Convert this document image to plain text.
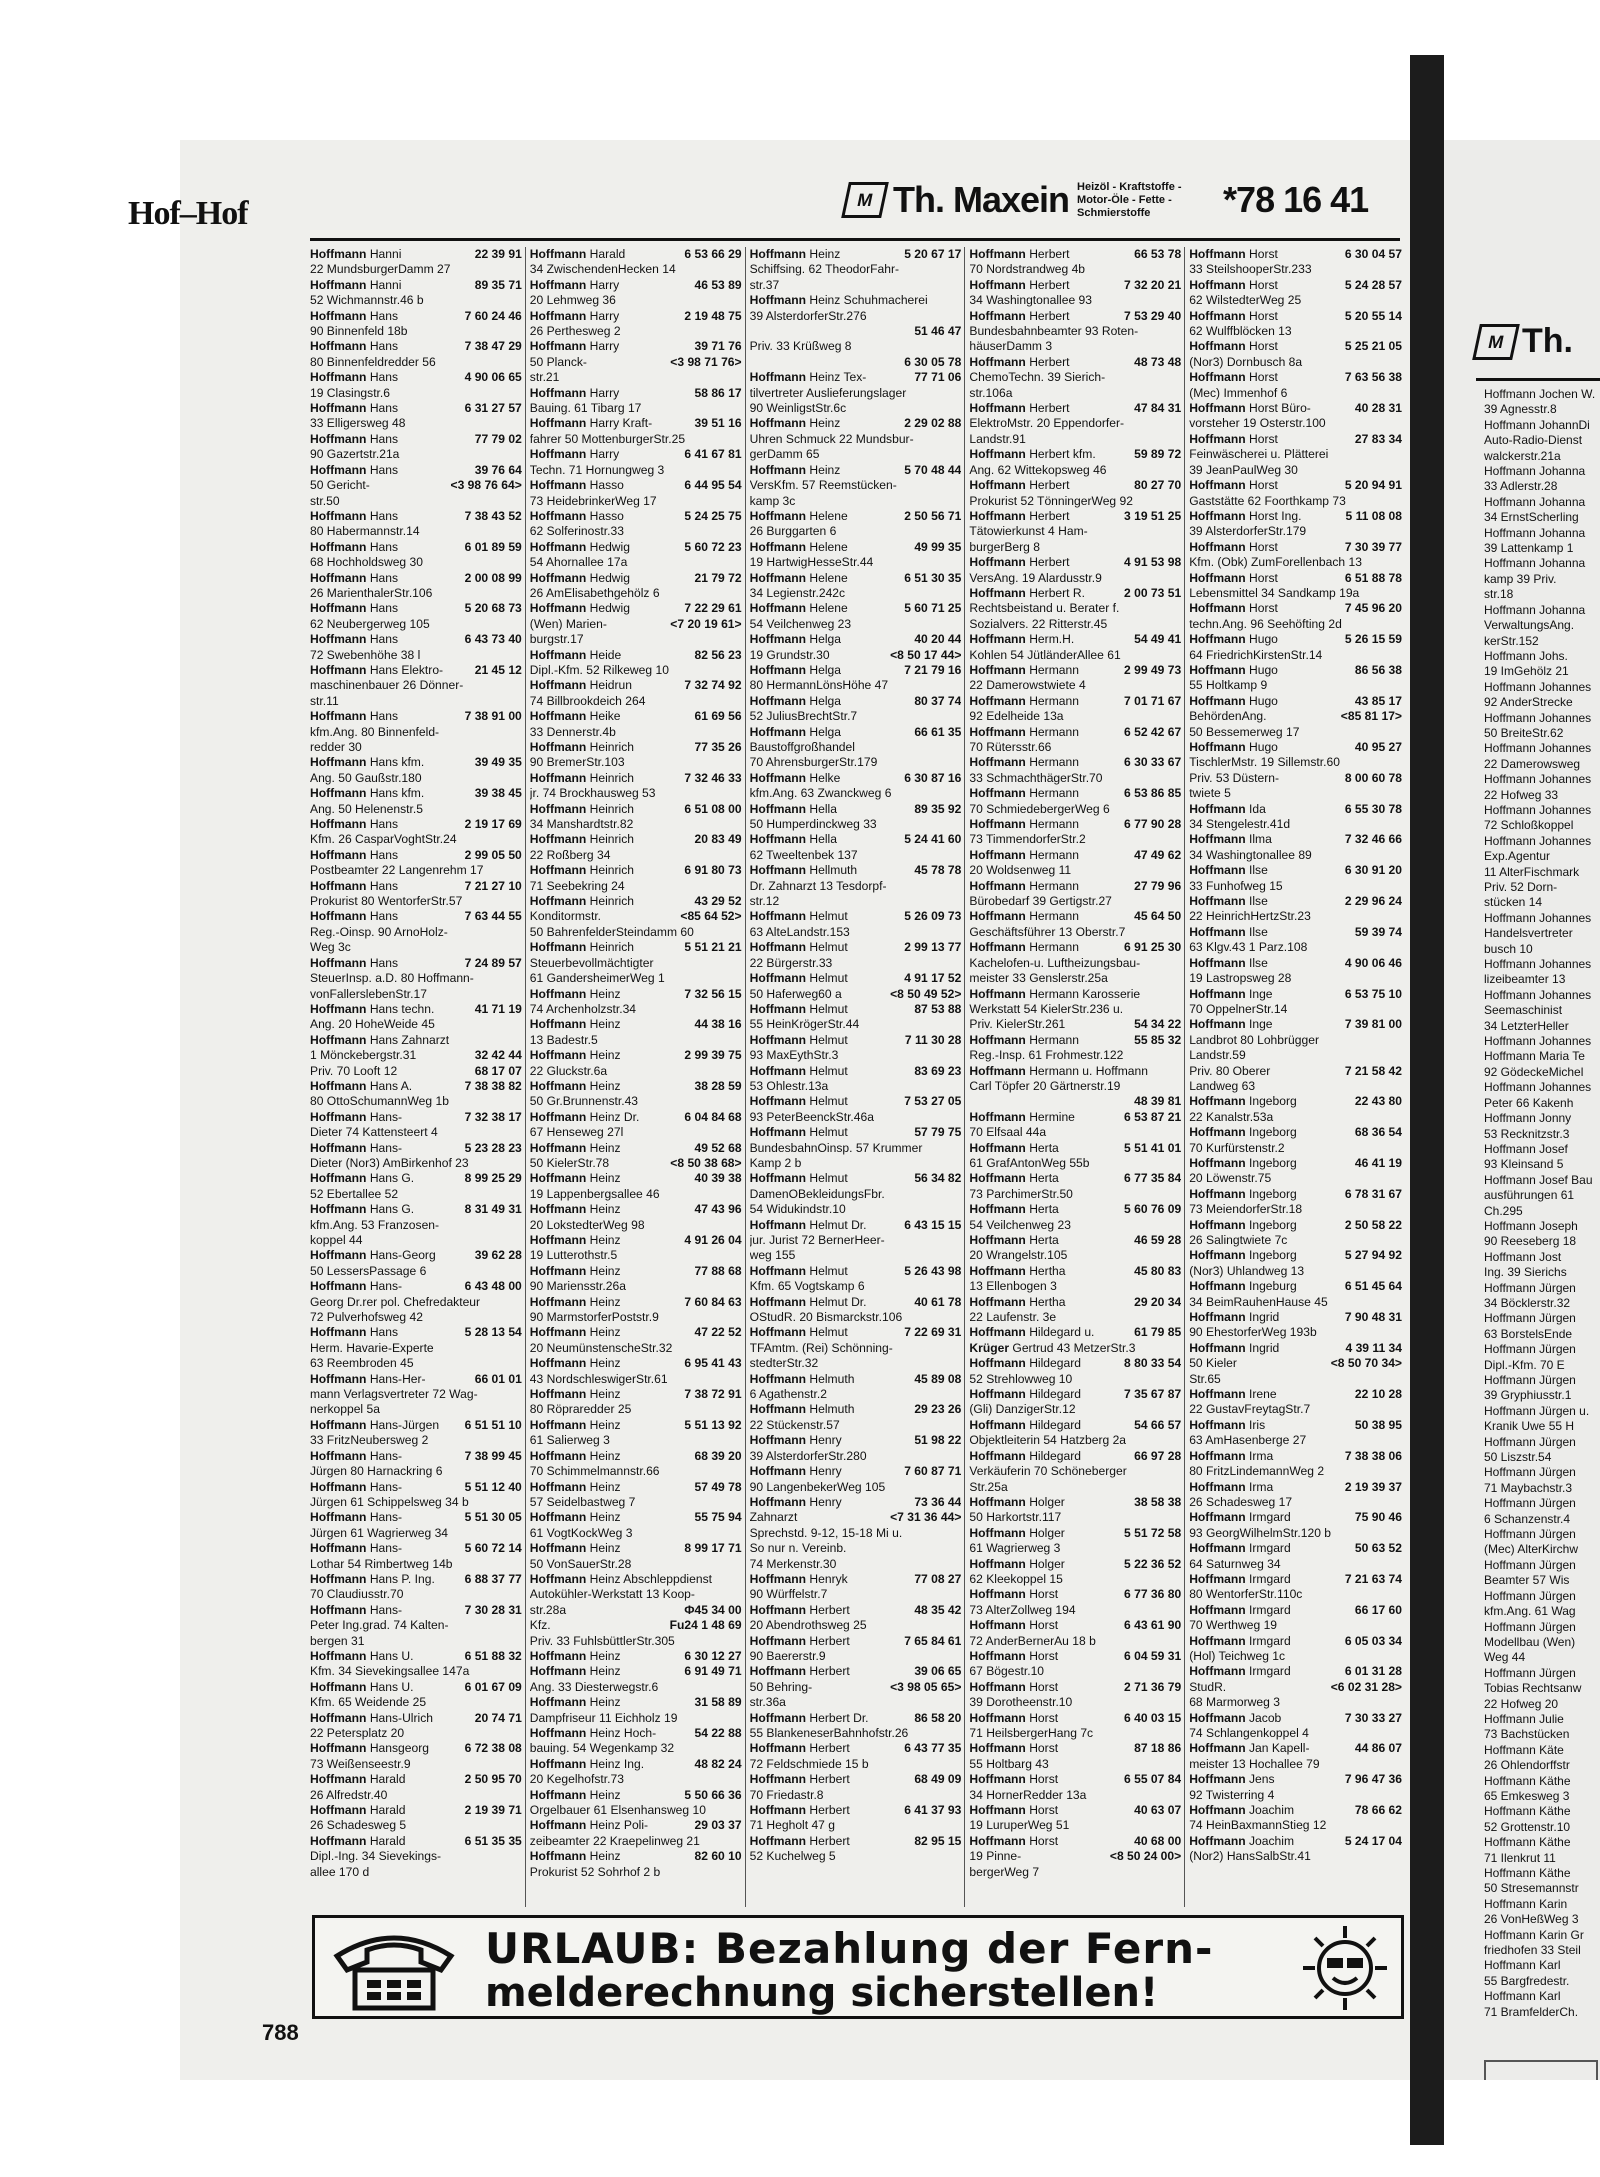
Hof–Hof	M Th. Maxein Heizöl - Kraftstoffe - Motor-Öle - Fette - Schmierstoffe	*78 16 41
22 39 91
Hoffmann Hanni
22 MundsburgerDamm 27
89 35 71
Hoffmann Hanni
52 Wichmannstr.46 b
7 60 24 46
Hoffmann Hans
90 Binnenfeld 18b
7 38 47 29
Hoffmann Hans
80 Binnenfeldredder 56
4 90 06 65
Hoffmann Hans
19 Clasingstr.6
6 31 27 57
Hoffmann Hans
33 Elligersweg 48
77 79 02
Hoffmann Hans
90 Gazertstr.21a
39 76 64
Hoffmann Hans
<3 98 76 64>
50 Gericht-
str.50
7 38 43 52
Hoffmann Hans
80 Habermannstr.14
6 01 89 59
Hoffmann Hans
68 Hochholdsweg 30
2 00 08 99
Hoffmann Hans
26 MarienthalerStr.106
5 20 68 73
Hoffmann Hans
62 Neubergerweg 105
6 43 73 40
Hoffmann Hans
72 Swebenhöhe 38 l
21 45 12
Hoffmann Hans Elektro-
maschinenbauer 26 Dönner-
str.11
7 38 91 00
Hoffmann Hans
kfm.Ang. 80 Binnenfeld-
redder 30
39 49 35
Hoffmann Hans kfm.
Ang. 50 Gaußstr.180
39 38 45
Hoffmann Hans kfm.
Ang. 50 Helenenstr.5
2 19 17 69
Hoffmann Hans
Kfm. 26 CasparVoghtStr.24
2 99 05 50
Hoffmann Hans
Postbeamter 22 Langenrehm 17
7 21 27 10
Hoffmann Hans
Prokurist 80 WentorferStr.57
7 63 44 55
Hoffmann Hans
Reg.-Oinsp. 90 ArnoHolz-
Weg 3c
7 24 89 57
Hoffmann Hans
SteuerInsp. a.D. 80 Hoffmann-
vonFallerslebenStr.17
41 71 19
Hoffmann Hans techn.
Ang. 20 HoheWeide 45
Hoffmann Hans Zahnarzt
32 42 44
1 Mönckebergstr.31
68 17 07
Priv. 70 Looft 12
7 38 38 82
Hoffmann Hans A.
80 OttoSchumannWeg 1b
7 32 38 17
Hoffmann Hans-
Dieter 74 Kattensteert 4
5 23 28 23
Hoffmann Hans-
Dieter (Nor3) AmBirkenhof 23
8 99 25 29
Hoffmann Hans G.
52 Ebertallee 52
8 31 49 31
Hoffmann Hans G.
kfm.Ang. 53 Franzosen-
koppel 44
39 62 28
Hoffmann Hans-Georg
50 LessersPassage 6
6 43 48 00
Hoffmann Hans-
Georg Dr.rer pol. Chefredakteur
72 Pulverhofsweg 42
5 28 13 54
Hoffmann Hans
Herm. Havarie-Experte
63 Reembroden 45
66 01 01
Hoffmann Hans-Her-
mann Verlagsvertreter 72 Wag-
nerkoppel 5a
6 51 51 10
Hoffmann Hans-Jürgen
33 FritzNeubersweg 2
7 38 99 45
Hoffmann Hans-
Jürgen 80 Harnackring 6
5 51 12 40
Hoffmann Hans-
Jürgen 61 Schippelsweg 34 b
5 51 30 05
Hoffmann Hans-
Jürgen 61 Wagrierweg 34
5 60 72 14
Hoffmann Hans-
Lothar 54 Rimbertweg 14b
6 88 37 77
Hoffmann Hans P. Ing.
70 Claudiusstr.70
7 30 28 31
Hoffmann Hans-
Peter Ing.grad. 74 Kalten-
bergen 31
6 51 88 32
Hoffmann Hans U.
Kfm. 34 Sievekingsallee 147a
6 01 67 09
Hoffmann Hans U.
Kfm. 65 Weidende 25
20 74 71
Hoffmann Hans-Ulrich
22 Petersplatz 20
6 72 38 08
Hoffmann Hansgeorg
73 Weißenseestr.9
2 50 95 70
Hoffmann Harald
26 Alfredstr.40
2 19 39 71
Hoffmann Harald
26 Schadesweg 5
6 51 35 35
Hoffmann Harald
Dipl.-Ing. 34 Sievekings-
allee 170 d
6 53 66 29
Hoffmann Harald
34 ZwischendenHecken 14
46 53 89
Hoffmann Harry
20 Lehmweg 36
2 19 48 75
Hoffmann Harry
26 Perthesweg 2
39 71 76
Hoffmann Harry
<3 98 71 76>
50 Planck-
str.21
58 86 17
Hoffmann Harry
Bauing. 61 Tibarg 17
39 51 16
Hoffmann Harry Kraft-
fahrer 50 MottenburgerStr.25
6 41 67 81
Hoffmann Harry
Techn. 71 Hornungweg 3
6 44 95 54
Hoffmann Hasso
73 HeidebrinkerWeg 17
5 24 25 75
Hoffmann Hasso
62 Solferinostr.33
5 60 72 23
Hoffmann Hedwig
54 Ahornallee 17a
21 79 72
Hoffmann Hedwig
26 AmElisabethgehölz 6
7 22 29 61
Hoffmann Hedwig
<7 20 19 61>
(Wen) Marien-
burgstr.17
82 56 23
Hoffmann Heide
Dipl.-Kfm. 52 Rilkeweg 10
7 32 74 92
Hoffmann Heidrun
74 Billbrookdeich 264
61 69 56
Hoffmann Heike
33 Dennerstr.4b
77 35 26
Hoffmann Heinrich
90 BremerStr.103
7 32 46 33
Hoffmann Heinrich
jr. 74 Brockhausweg 53
6 51 08 00
Hoffmann Heinrich
34 Manshardtstr.82
20 83 49
Hoffmann Heinrich
22 Roßberg 34
6 91 80 73
Hoffmann Heinrich
71 Seebekring 24
43 29 52
Hoffmann Heinrich
<85 64 52>
Konditormstr.
50 BahrenfelderSteindamm 60
5 51 21 21
Hoffmann Heinrich
Steuerbevollmächtigter
61 GandersheimerWeg 1
7 32 56 15
Hoffmann Heinz
74 Archenholzstr.34
44 38 16
Hoffmann Heinz
13 Badestr.5
2 99 39 75
Hoffmann Heinz
22 Gluckstr.6a
38 28 59
Hoffmann Heinz
50 Gr.Brunnenstr.43
6 04 84 68
Hoffmann Heinz Dr.
67 Henseweg 27l
49 52 68
Hoffmann Heinz
<8 50 38 68>
50 KielerStr.78
40 39 38
Hoffmann Heinz
19 Lappenbergsallee 46
47 43 96
Hoffmann Heinz
20 LokstedterWeg 98
4 91 26 04
Hoffmann Heinz
19 Lutterothstr.5
77 88 68
Hoffmann Heinz
90 Mariensstr.26a
7 60 84 63
Hoffmann Heinz
90 MarmstorferPoststr.9
47 22 52
Hoffmann Heinz
20 NeumünstenscheStr.32
6 95 41 43
Hoffmann Heinz
43 NordschleswigerStr.61
7 38 72 91
Hoffmann Heinz
80 Röpraredder 25
5 51 13 92
Hoffmann Heinz
61 Salierweg 3
68 39 20
Hoffmann Heinz
70 Schimmelmannstr.66
57 49 78
Hoffmann Heinz
57 Seidelbastweg 7
55 75 94
Hoffmann Heinz
61 VogtKockWeg 3
8 99 17 71
Hoffmann Heinz
50 VonSauerStr.28
Hoffmann Heinz Abschleppdienst
Autokühler-Werkstatt 13 Koop-
Ф45 34 00
str.28a
Fu24 1 48 69
Kfz.
Priv. 33 FuhlsbüttlerStr.305
6 30 12 27
Hoffmann Heinz
6 91 49 71
Hoffmann Heinz
Ang. 33 Diesterwegstr.6
31 58 89
Hoffmann Heinz
Dampfriseur 11 Eichholz 19
54 22 88
Hoffmann Heinz Hoch-
bauing. 54 Wegenkamp 32
48 82 24
Hoffmann Heinz Ing.
20 Kegelhofstr.73
5 50 66 36
Hoffmann Heinz
Orgelbauer 61 Elsenhansweg 10
29 03 37
Hoffmann Heinz Poli-
zeibeamter 22 Kraepelinweg 21
82 60 10
Hoffmann Heinz
Prokurist 52 Sohrhof 2 b
5 20 67 17
Hoffmann Heinz
Schiffsing. 62 TheodorFahr-
str.37
Hoffmann Heinz Schuhmacherei
39 AlsterdorferStr.276
51 46 47
Priv. 33 Krüßweg 8
6 30 05 78
77 71 06
Hoffmann Heinz Tex-
tilvertreter Auslieferungslager
90 WeinligstStr.6c
2 29 02 88
Hoffmann Heinz
Uhren Schmuck 22 Mundsbur-
gerDamm 65
5 70 48 44
Hoffmann Heinz
VersKfm. 57 Reemstücken-
kamp 3c
2 50 56 71
Hoffmann Helene
26 Burggarten 6
49 99 35
Hoffmann Helene
19 HartwigHesseStr.44
6 51 30 35
Hoffmann Helene
34 Legienstr.242c
5 60 71 25
Hoffmann Helene
54 Veilchenweg 23
40 20 44
Hoffmann Helga
<8 50 17 44>
19 Grundstr.30
7 21 79 16
Hoffmann Helga
80 HermannLönsHöhe 47
80 37 74
Hoffmann Helga
52 JuliusBrechtStr.7
66 61 35
Hoffmann Helga
Baustoffgroßhandel
70 AhrensburgerStr.179
6 30 87 16
Hoffmann Helke
kfm.Ang. 63 Zwanckweg 6
89 35 92
Hoffmann Hella
50 Humperdinckweg 33
5 24 41 60
Hoffmann Hella
62 Tweeltenbek 137
45 78 78
Hoffmann Hellmuth
Dr. Zahnarzt 13 Tesdorpf-
str.12
5 26 09 73
Hoffmann Helmut
63 AlteLandstr.153
2 99 13 77
Hoffmann Helmut
22 Bürgerstr.33
4 91 17 52
Hoffmann Helmut
<8 50 49 52>
50 Haferweg60 a
87 53 88
Hoffmann Helmut
55 HeinKrögerStr.44
7 11 30 28
Hoffmann Helmut
93 MaxEythStr.3
83 69 23
Hoffmann Helmut
53 Ohlestr.13a
7 53 27 05
Hoffmann Helmut
93 PeterBeenckStr.46a
57 79 75
Hoffmann Helmut
BundesbahnOinsp. 57 Krummer
Kamp 2 b
56 34 82
Hoffmann Helmut
DamenOBekleidungsFbr.
54 Widukindstr.10
6 43 15 15
Hoffmann Helmut Dr.
jur. Jurist 72 BernerHeer-
weg 155
5 26 43 98
Hoffmann Helmut
Kfm. 65 Vogtskamp 6
40 61 78
Hoffmann Helmut Dr.
OStudR. 20 Bismarckstr.106
7 22 69 31
Hoffmann Helmut
TFAmtm. (Rei) Schönning-
stedterStr.32
45 89 08
Hoffmann Helmuth
6 Agathenstr.2
29 23 26
Hoffmann Helmuth
22 Stückenstr.57
51 98 22
Hoffmann Henry
39 AlsterdorferStr.280
7 60 87 71
Hoffmann Henry
90 LangenbekerWeg 105
73 36 44
Hoffmann Henry
<7 31 36 44>
Zahnarzt
Sprechstd. 9-12, 15-18 Mi u.
So nur n. Vereinb.
74 Merkenstr.30
77 08 27
Hoffmann Henryk
90 Würffelstr.7
48 35 42
Hoffmann Herbert
20 Abendrothsweg 25
7 65 84 61
Hoffmann Herbert
90 Baererstr.9
39 06 65
Hoffmann Herbert
<3 98 05 65>
50 Behring-
str.36a
86 58 20
Hoffmann Herbert Dr.
55 BlankeneserBahnhofstr.26
6 43 77 35
Hoffmann Herbert
72 Feldschmiede 15 b
68 49 09
Hoffmann Herbert
70 Friedastr.8
6 41 37 93
Hoffmann Herbert
71 Hegholt 47 g
82 95 15
Hoffmann Herbert
52 Kuchelweg 5
66 53 78
Hoffmann Herbert
70 Nordstrandweg 4b
7 32 20 21
Hoffmann Herbert
34 Washingtonallee 93
7 53 29 40
Hoffmann Herbert
Bundesbahnbeamter 93 Roten-
häuserDamm 3
48 73 48
Hoffmann Herbert
ChemoTechn. 39 Sierich-
str.106a
47 84 31
Hoffmann Herbert
ElektroMstr. 20 Eppendorfer-
Landstr.91
59 89 72
Hoffmann Herbert kfm.
Ang. 62 Wittekopsweg 46
80 27 70
Hoffmann Herbert
Prokurist 52 TönningerWeg 92
3 19 51 25
Hoffmann Herbert
Tätowierkunst 4 Ham-
burgerBerg 8
4 91 53 98
Hoffmann Herbert
VersAng. 19 Alardusstr.9
2 00 73 51
Hoffmann Herbert R.
Rechtsbeistand u. Berater f.
Sozialvers. 22 Ritterstr.45
54 49 41
Hoffmann Herm.H.
Kohlen 54 JütländerAllee 61
2 99 49 73
Hoffmann Hermann
22 Damerowstwiete 4
7 01 71 67
Hoffmann Hermann
92 Edelheide 13a
6 52 42 67
Hoffmann Hermann
70 Rütersstr.66
6 30 33 67
Hoffmann Hermann
33 SchmachthägerStr.70
6 53 86 85
Hoffmann Hermann
70 SchmiedebergerWeg 6
6 77 90 28
Hoffmann Hermann
73 TimmendorferStr.2
47 49 62
Hoffmann Hermann
20 Woldsenweg 11
27 79 96
Hoffmann Hermann
Bürobedarf 39 Gertigstr.27
45 64 50
Hoffmann Hermann
Geschäftsführer 13 Oberstr.7
6 91 25 30
Hoffmann Hermann
Kachelofen-u. Luftheizungsbau-
meister 33 Genslerstr.25a
Hoffmann Hermann Karosserie
Werkstatt 54 KielerStr.236 u.
54 34 22
Priv. KielerStr.261
55 85 32
Hoffmann Hermann
Reg.-Insp. 61 Frohmestr.122
Hoffmann Hermann u. Hoffmann
Carl Töpfer 20 Gärtnerstr.19
48 39 81
6 53 87 21
Hoffmann Hermine
70 Elfsaal 44a
5 51 41 01
Hoffmann Herta
61 GrafAntonWeg 55b
6 77 35 84
Hoffmann Herta
73 ParchimerStr.50
5 60 76 09
Hoffmann Herta
54 Veilchenweg 23
46 59 28
Hoffmann Herta
20 Wrangelstr.105
45 80 83
Hoffmann Hertha
13 Ellenbogen 3
29 20 34
Hoffmann Hertha
22 Laufenstr. 3e
61 79 85
Hoffmann Hildegard u.
Krüger Gertrud 43 MetzerStr.3
8 80 33 54
Hoffmann Hildegard
52 Strehlowweg 10
7 35 67 87
Hoffmann Hildegard
(Gli) DanzigerStr.12
54 66 57
Hoffmann Hildegard
Objektleiterin 54 Hatzberg 2a
66 97 28
Hoffmann Hildegard
Verkäuferin 70 Schöneberger
Str.25a
38 58 38
Hoffmann Holger
50 Harkortstr.117
5 51 72 58
Hoffmann Holger
61 Wagrierweg 3
5 22 36 52
Hoffmann Holger
62 Kleekoppel 15
6 77 36 80
Hoffmann Horst
73 AlterZollweg 194
6 43 61 90
Hoffmann Horst
72 AnderBernerAu 18 b
6 04 59 31
Hoffmann Horst
67 Bögestr.10
2 71 36 79
Hoffmann Horst
39 Dorotheenstr.10
6 40 03 15
Hoffmann Horst
71 HeilsbergerHang 7c
87 18 86
Hoffmann Horst
55 Holtbarg 43
6 55 07 84
Hoffmann Horst
34 HornerRedder 13a
40 63 07
Hoffmann Horst
19 LuruperWeg 51
40 68 00
Hoffmann Horst
<8 50 24 00>
19 Pinne-
bergerWeg 7
6 30 04 57
Hoffmann Horst
33 SteilshooperStr.233
5 24 28 57
Hoffmann Horst
62 WilstedterWeg 25
5 20 55 14
Hoffmann Horst
62 Wulffblöcken 13
5 25 21 05
Hoffmann Horst
(Nor3) Dornbusch 8a
7 63 56 38
Hoffmann Horst
(Mec) Immenhof 6
40 28 31
Hoffmann Horst Büro-
vorsteher 19 Osterstr.100
27 83 34
Hoffmann Horst
Feinwäscherei u. Plätterei
39 JeanPaulWeg 30
5 20 94 91
Hoffmann Horst
Gaststätte 62 Foorthkamp 73
5 11 08 08
Hoffmann Horst Ing.
39 AlsterdorferStr.179
7 30 39 77
Hoffmann Horst
Kfm. (Obk) ZumForellenbach 13
6 51 88 78
Hoffmann Horst
Lebensmittel 34 Sandkamp 19a
7 45 96 20
Hoffmann Horst
techn.Ang. 96 Seehöfting 2d
5 26 15 59
Hoffmann Hugo
64 FriedrichKirstenStr.14
86 56 38
Hoffmann Hugo
55 Holtkamp 9
43 85 17
Hoffmann Hugo
<85 81 17>
BehördenAng.
50 Bessemerweg 17
40 95 27
Hoffmann Hugo
TischlerMstr. 19 Sillemstr.60
8 00 60 78
Priv. 53 Düstern-
twiete 5
6 55 30 78
Hoffmann Ida
34 Stengelestr.41d
7 32 46 66
Hoffmann Ilma
34 Washingtonallee 89
6 30 91 20
Hoffmann Ilse
33 Funhofweg 15
2 29 96 24
Hoffmann Ilse
22 HeinrichHertzStr.23
59 39 74
Hoffmann Ilse
63 Klgv.43 1 Parz.108
4 90 06 46
Hoffmann Ilse
19 Lastropsweg 28
6 53 75 10
Hoffmann Inge
70 OppelnerStr.14
7 39 81 00
Hoffmann Inge
Landbrot 80 Lohbrügger
Landstr.59
7 21 58 42
Priv. 80 Oberer
Landweg 63
22 43 80
Hoffmann Ingeborg
22 Kanalstr.53a
68 36 54
Hoffmann Ingeborg
70 Kurfürstenstr.2
46 41 19
Hoffmann Ingeborg
20 Löwenstr.75
6 78 31 67
Hoffmann Ingeborg
73 MeiendorferStr.18
2 50 58 22
Hoffmann Ingeborg
26 Salingtwiete 7c
5 27 94 92
Hoffmann Ingeborg
(Nor3) Uhlandweg 13
6 51 45 64
Hoffmann Ingeburg
34 BeimRauhenHause 45
7 90 48 31
Hoffmann Ingrid
90 EhestorferWeg 193b
4 39 11 34
Hoffmann Ingrid
<8 50 70 34>
50 Kieler
Str.65
22 10 28
Hoffmann Irene
22 GustavFreytagStr.7
50 38 95
Hoffmann Iris
63 AmHasenberge 27
7 38 38 06
Hoffmann Irma
80 FritzLindemannWeg 2
2 19 39 37
Hoffmann Irma
26 Schadesweg 17
75 90 46
Hoffmann Irmgard
93 GeorgWilhelmStr.120 b
50 63 52
Hoffmann Irmgard
64 Saturnweg 34
7 21 63 74
Hoffmann Irmgard
80 WentorferStr.110c
66 17 60
Hoffmann Irmgard
70 Werthweg 19
6 05 03 34
Hoffmann Irmgard
(Hol) Teichweg 1c
6 01 31 28
Hoffmann Irmgard
<6 02 31 28>
StudR.
68 Marmorweg 3
7 30 33 27
Hoffmann Jacob
74 Schlangenkoppel 4
44 86 07
Hoffmann Jan Kapell-
meister 13 Hochallee 79
7 96 47 36
Hoffmann Jens
92 Twisterring 4
78 66 62
Hoffmann Joachim
74 HeinBaxmannStieg 12
5 24 17 04
Hoffmann Joachim
(Nor2) HansSalbStr.41
URLAUB: Bezahlung der Fern-
melderechnung sicherstellen!
788
M Th.
Hoffmann Jochen W.
39 Agnesstr.8
Hoffmann JohannDi
Auto-Radio-Dienst
walckerstr.21a
Hoffmann Johanna
33 Adlerstr.28
Hoffmann Johanna
34 ErnstScherling
Hoffmann Johanna
39 Lattenkamp 1
Hoffmann Johanna
kamp 39 Priv.
str.18
Hoffmann Johanna
VerwaltungsAng.
kerStr.152
Hoffmann Johs.
19 ImGehölz 21
Hoffmann Johannes
92 AnderStrecke
Hoffmann Johannes
50 BreiteStr.62
Hoffmann Johannes
22 Damerowsweg
Hoffmann Johannes
22 Hofweg 33
Hoffmann Johannes
72 Schloßkoppel
Hoffmann Johannes
Exp.Agentur
11 AlterFischmark
Priv. 52 Dorn-
stücken 14
Hoffmann Johannes
Handelsvertreter
busch 10
Hoffmann Johannes
lizeibeamter 13
Hoffmann Johannes
Seemaschinist
34 LetzterHeller
Hoffmann Johannes
Hoffmann Maria Te
92 GödeckeMichel
Hoffmann Johannes
Peter 66 Kakenh
Hoffmann Jonny
53 Recknitzstr.3
Hoffmann Josef
93 Kleinsand 5
Hoffmann Josef Bau
ausführungen 61
Ch.295
Hoffmann Joseph
90 Reeseberg 18
Hoffmann Jost
Ing. 39 Sierichs
Hoffmann Jürgen
34 Böcklerstr.32
Hoffmann Jürgen
63 BorstelsEnde
Hoffmann Jürgen
Dipl.-Kfm. 70 E
Hoffmann Jürgen
39 Gryphiusstr.1
Hoffmann Jürgen u.
Kranik Uwe 55 H
Hoffmann Jürgen
50 Liszstr.54
Hoffmann Jürgen
71 Maybachstr.3
Hoffmann Jürgen
6 Schanzenstr.4
Hoffmann Jürgen
(Mec) AlterKirchw
Hoffmann Jürgen
Beamter 57 Wis
Hoffmann Jürgen
kfm.Ang. 61 Wag
Hoffmann Jürgen
Modellbau (Wen)
Weg 44
Hoffmann Jürgen
Tobias Rechtsanw
22 Hofweg 20
Hoffmann Julie
73 Bachstücken
Hoffmann Käte
26 Ohlendorffstr
Hoffmann Käthe
65 Emkesweg 3
Hoffmann Käthe
52 Grottenstr.10
Hoffmann Käthe
71 Ilenkrut 11
Hoffmann Käthe
50 Stresemannstr
Hoffmann Karin
26 VonHeßWeg 3
Hoffmann Karin Gr
friedhofen 33 Steil
Hoffmann Karl
55 Bargfredestr.
Hoffmann Karl
71 BramfelderCh.
